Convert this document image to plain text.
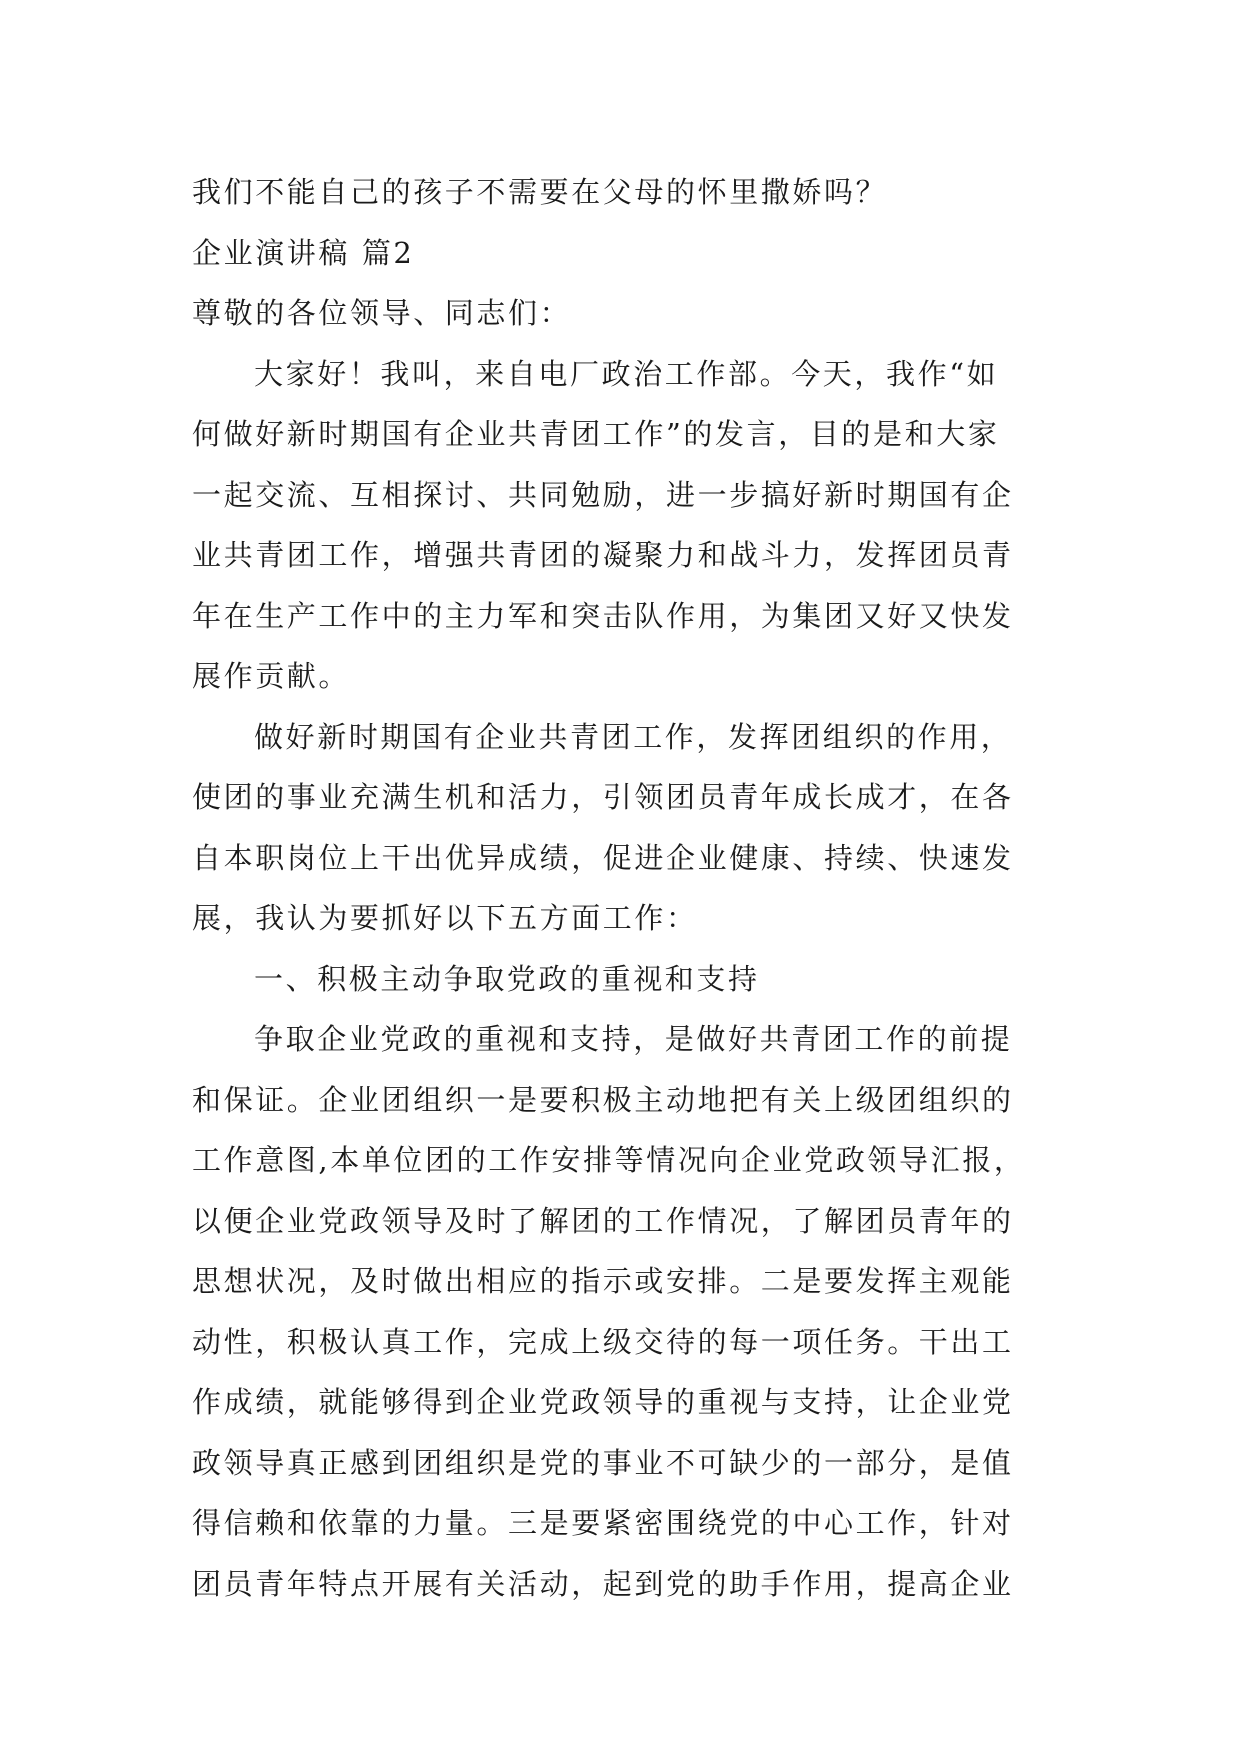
我们不能自己的孩子不需要在父母的怀里撒娇吗？
企业演讲稿 篇2
尊敬的各位领导、同志们：
大家好！我叫，来自电厂政治工作部。今天，我作“如
何做好新时期国有企业共青团工作”的发言，目的是和大家
一起交流、互相探讨、共同勉励，进一步搞好新时期国有企
业共青团工作，增强共青团的凝聚力和战斗力，发挥团员青
年在生产工作中的主力军和突击队作用，为集团又好又快发
展作贡献。
做好新时期国有企业共青团工作，发挥团组织的作用，
使团的事业充满生机和活力，引领团员青年成长成才，在各
自本职岗位上干出优异成绩，促进企业健康、持续、快速发
展，我认为要抓好以下五方面工作：
一、积极主动争取党政的重视和支持
争取企业党政的重视和支持，是做好共青团工作的前提
和保证。企业团组织一是要积极主动地把有关上级团组织的
工作意图,本单位团的工作安排等情况向企业党政领导汇报，
以便企业党政领导及时了解团的工作情况，了解团员青年的
思想状况，及时做出相应的指示或安排。二是要发挥主观能
动性，积极认真工作，完成上级交待的每一项任务。干出工
作成绩，就能够得到企业党政领导的重视与支持，让企业党
政领导真正感到团组织是党的事业不可缺少的一部分，是值
得信赖和依靠的力量。三是要紧密围绕党的中心工作，针对
团员青年特点开展有关活动，起到党的助手作用，提高企业
